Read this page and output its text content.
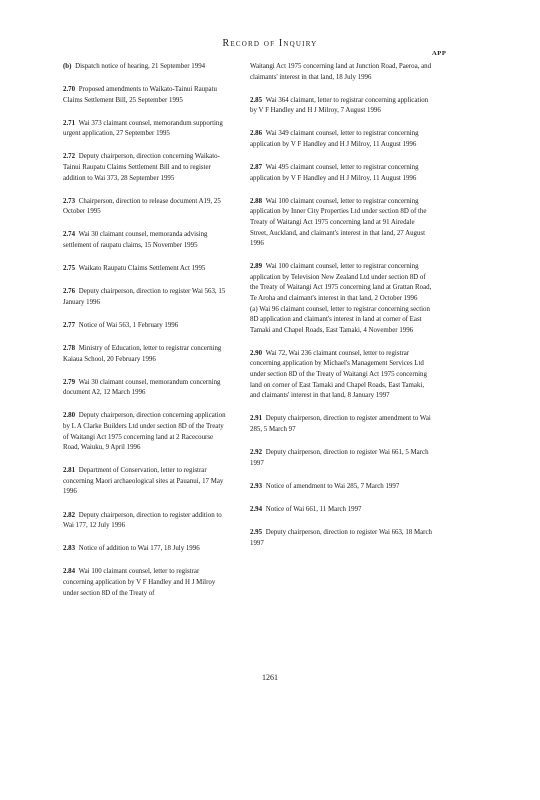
Record of Inquiry
APP

(b) Dispatch notice of hearing, 21 September 1994

2.70 Proposed amendments to Waikato-Tainui Raupatu Claims Settlement Bill, 25 September 1995

2.71 Wai 373 claimant counsel, memorandum supporting urgent application, 27 September 1995

2.72 Deputy chairperson, direction concerning Waikato-Tainui Raupatu Claims Settlement Bill and to register addition to Wai 373, 28 September 1995

2.73 Chairperson, direction to release document A19, 25 October 1995

2.74 Wai 30 claimant counsel, memoranda advising settlement of raupatu claims, 15 November 1995

2.75 Waikato Raupatu Claims Settlement Act 1995

2.76 Deputy chairperson, direction to register Wai 563, 15 January 1996

2.77 Notice of Wai 563, 1 February 1996

2.78 Ministry of Education, letter to registrar concerning Kaiaua School, 20 February 1996

2.79 Wai 30 claimant counsel, memorandum concerning document A2, 12 March 1996

2.80 Deputy chairperson, direction concerning application by L A Clarke Builders Ltd under section 8D of the Treaty of Waitangi Act 1975 concerning land at 2 Racecourse Road, Waiuku, 9 April 1996

2.81 Department of Conservation, letter to registrar concerning Maori archaeological sites at Pauanui, 17 May 1996

2.82 Deputy chairperson, direction to register addition to Wai 177, 12 July 1996

2.83 Notice of addition to Wai 177, 18 July 1996

2.84 Wai 100 claimant counsel, letter to registrar concerning application by V F Handley and H J Milroy under section 8D of the Treaty of

Waitangi Act 1975 concerning land at Junction Road, Paeroa, and claimants' interest in that land, 18 July 1996

2.85 Wai 364 claimant, letter to registrar concerning application by V F Handley and H J Milroy, 7 August 1996

2.86 Wai 349 claimant counsel, letter to registrar concerning application by V F Handley and H J Milroy, 11 August 1996

2.87 Wai 495 claimant counsel, letter to registrar concerning application by V F Handley and H J Milroy, 11 August 1996

2.88 Wai 100 claimant counsel, letter to registrar concerning application by Inner City Properties Ltd under section 8D of the Treaty of Waitangi Act 1975 concerning land at 91 Airedale Street, Auckland, and claimant's interest in that land, 27 August 1996

2.89 Wai 100 claimant counsel, letter to registrar concerning application by Television New Zealand Ltd under section 8D of the Treaty of Waitangi Act 1975 concerning land at Grattan Road, Te Aroha and claimant's interest in that land, 2 October 1996
(a) Wai 96 claimant counsel, letter to registrar concerning section 8D application and claimant's interest in land at corner of East Tamaki and Chapel Roads, East Tamaki, 4 November 1996

2.90 Wai 72, Wai 236 claimant counsel, letter to registrar concerning application by Michael's Management Services Ltd under section 8D of the Treaty of Waitangi Act 1975 concerning land on corner of East Tamaki and Chapel Roads, East Tamaki, and claimants' interest in that land, 8 January 1997

2.91 Deputy chairperson, direction to register amendment to Wai 285, 5 March 97

2.92 Deputy chairperson, direction to register Wai 661, 5 March 1997

2.93 Notice of amendment to Wai 285, 7 March 1997

2.94 Notice of Wai 661, 11 March 1997

2.95 Deputy chairperson, direction to register Wai 663, 18 March 1997

1261
